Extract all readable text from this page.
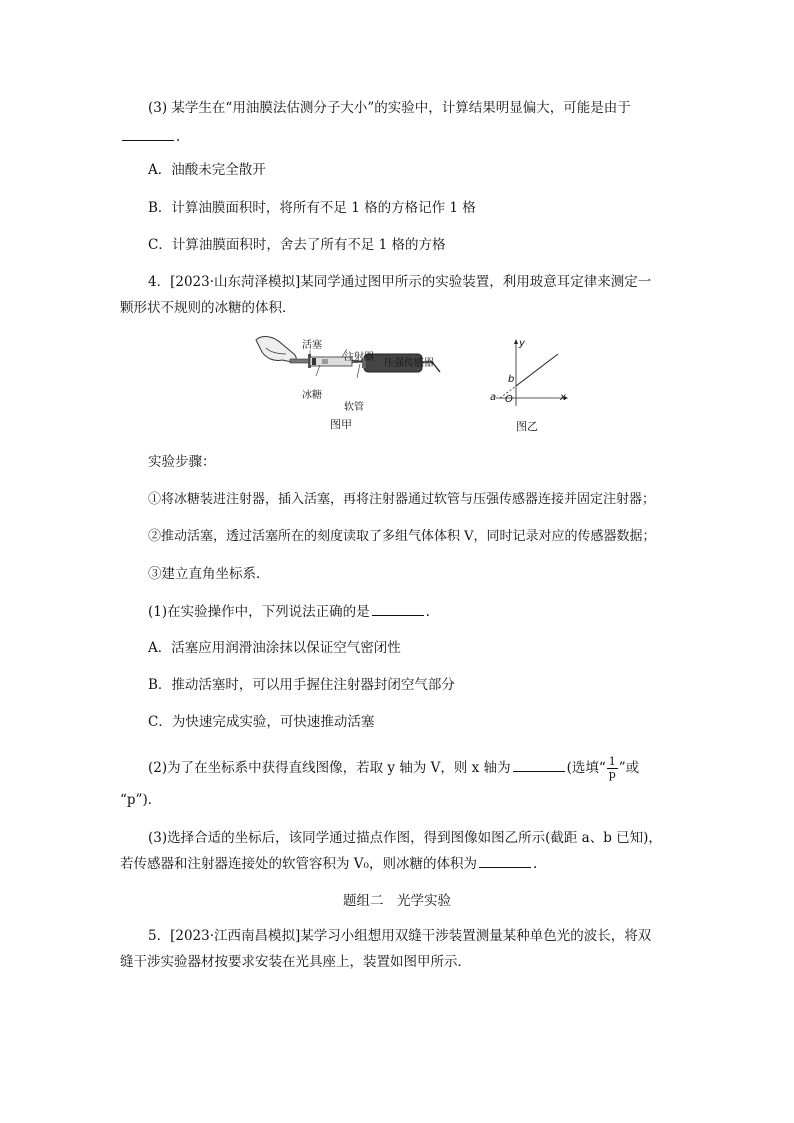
(3) 某学生在“用油膜法估测分子大小”的实验中，计算结果明显偏大，可能是由于
.
A．油酸未完全散开
B．计算油膜面积时，将所有不足 1 格的方格记作 1 格
C．计算油膜面积时，舍去了所有不足 1 格的方格
4．[2023·山东菏泽模拟]某同学通过图甲所示的实验装置，利用玻意耳定律来测定一
颗形状不规则的冰糖的体积．
活塞
注射器
压强传感器
冰糖
软管
图甲
y
x
b
a O
图乙
实验步骤：
①将冰糖装进注射器，插入活塞，再将注射器通过软管与压强传感器连接并固定注射器；
②推动活塞，透过活塞所在的刻度读取了多组气体体积 V，同时记录对应的传感器数据；
③建立直角坐标系．
(1)在实验操作中，下列说法正确的是	.
A．活塞应用润滑油涂抹以保证空气密闭性
B．推动活塞时，可以用手握住注射器封闭空气部分
C．为快速完成实验，可快速推动活塞
(2)为了在坐标系中获得直线图像，若取 y 轴为 V，则 x 轴为	(选填“ $\frac{1}{p}$ ”或
“p”)．
(3)选择合适的坐标后，该同学通过描点作图，得到图像如图乙所示(截距 a、b 已知)，
若传感器和注射器连接处的软管容积为 V₀，则冰糖的体积为	.
题组二　光学实验
5．[2023·江西南昌模拟]某学习小组想用双缝干涉装置测量某种单色光的波长，将双
缝干涉实验器材按要求安装在光具座上，装置如图甲所示．
